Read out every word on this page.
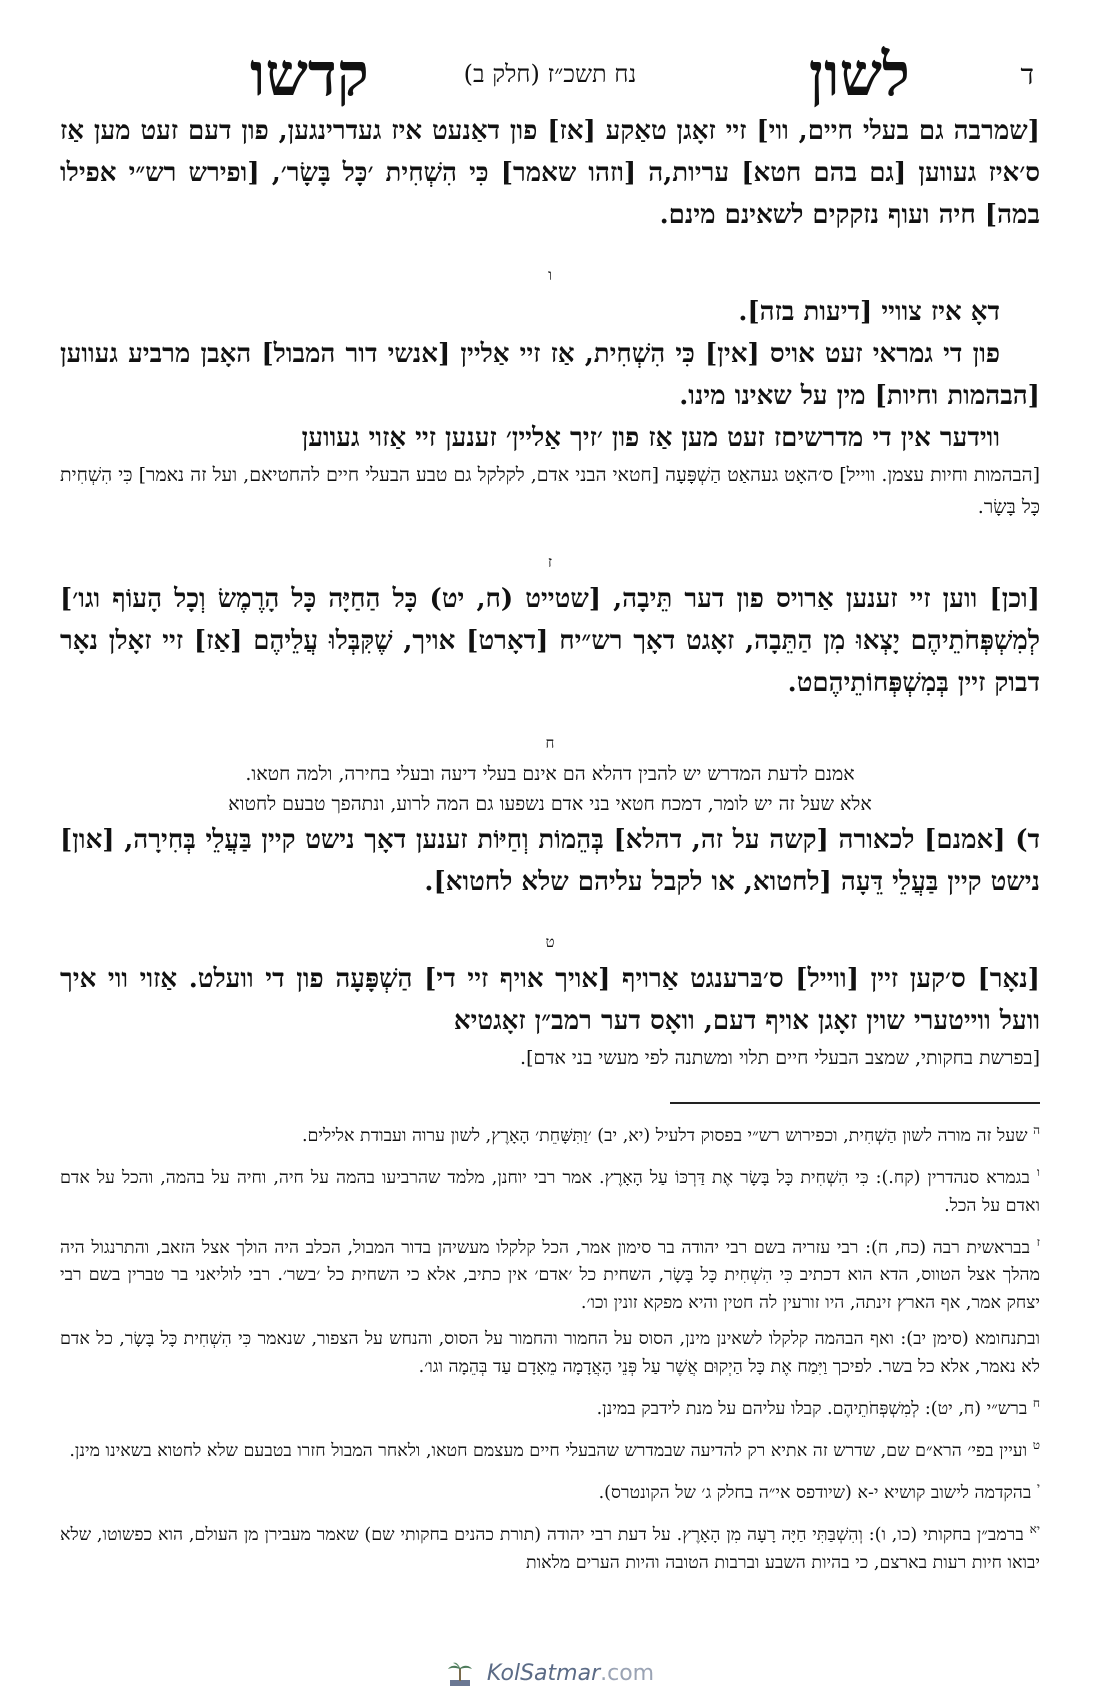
ד
לשון
נח תשכ״ז (חלק ב)
קדשו

[שמרבה גם בעלי חיים, ווי] זיי זאָגן טאַקע [אז] פון דאַנעט איז געדרינגען, פון דעם זעט מען אַז ס׳איז געווען [גם בהם חטא] עריות,ה [וזהו שאמר] כִּי הִשְׁחִית ׳כָּל בָּשָׂר׳, [ופירש רש״י אפילו במה] חיה ועוף נזקקים לשאינם מינם.

ו

דאָ איז צוויי [דיעות בזה].

פון די גמראי זעט אויס [אין] כִּי הִשְׁחִית, אַז זיי אַליין [אנשי דור המבול] האָבן מרביע געווען [הבהמות וחיות] מין על שאינו מינו.

ווידער אין די מדרשיםז זעט מען אַז פון ׳זיך אַליין׳ זענען זיי אַזוי געווען

[הבהמות וחיות עצמן. ווייל] ס׳האָט געהאַט הַשְׁפָּעָה [חטאי הבני אדם, לקלקל גם טבע הבעלי חיים להחטיאם, ועל זה נאמר] כִּי הִשְׁחִית כָּל בָּשָׂר.

ז

[וכן] ווען זיי זענען אַרויס פון דער תֵּיבָה, [שטייט (ח, יט) כָּל הַחַיָּה כָּל הָרֶמֶשׂ וְכָל הָעוֹף וגו׳] לְמִשְׁפְּחֹתֵיהֶם יָצְאוּ מִן הַתֵּבָה, זאָגט דאָך רש״יח [דאָרט] אויך, שֶׁקִּבְּלוּ עֲלֵיהֶם [אַז] זיי זאָלן נאָר דבוק זיין בְּמִשְׁפְּחוֹתֵיהֶםט.

ח
אמנם לדעת המדרש יש להבין דהלא הם אינם בעלי דיעה ובעלי בחירה, ולמה חטאו.
אלא שעל זה יש לומר, דמכח חטאי בני אדם נשפעו גם המה לרוע, ונתהפך טבעם לחטוא

ד) [אמנם] לכאורה [קשה על זה, דהלא] בְּהֵמוֹת וְחַיּוֹת זענען דאָך נישט קיין בַּעֲלֵי בְּחִירָה, [און] נישט קיין בַּעֲלֵי דֵּעָה [לחטוא, או לקבל עליהם שלא לחטוא].

ט

[נאָר] ס׳קען זיין [ווייל] ס׳בּרענגט אַרויף [אויך אויף זיי די] הַשְׁפָּעָה פון די וועלט. אַזוי ווי איך וועל ווייטערי שוין זאָגן אויף דעם, וואָס דער רמב״ן זאָגטיא

[בפרשת בחקותי, שמצב הבעלי חיים תלוי ומשתנה לפי מעשי בני אדם].

$^ה$ שעל זה מורה לשון הַשְׁחִית, וכפירוש רש״י בפסוק דלעיל (יא, יב) ׳וַתִּשָּׁחֵת׳ הָאָרֶץ, לשון ערוה ועבודת אלילים.

$^ו$ בגמרא סנהדרין (קח.): כִּי הִשְׁחִית כָּל בָּשָׂר אֶת דַּרְכּוֹ עַל הָאָרֶץ. אמר רבי יוחנן, מלמד שהרביעו בהמה על חיה, וחיה על בהמה, והכל על אדם ואדם על הכל.

$^ז$ בבראשית רבה (כח, ח): רבי עזריה בשם רבי יהודה בר סימון אמר, הכל קלקלו מעשיהן בדור המבול, הכלב היה הולך אצל הזאב, והתרנגול היה מהלך אצל הטווס, הדא הוא דכתיב כִּי הִשְׁחִית כָּל בָּשָׂר, השחית כל ׳אדם׳ אין כתיב, אלא כי השחית כל ׳בשר׳. רבי לוליאני בר טברין בשם רבי יצחק אמר, אף הארץ זינתה, היו זורעין לה חטין והיא מפקא זונין וכו׳.

ובתנחומא (סימן יב): ואף הבהמה קלקלו לשאינן מינן, הסוס על החמור והחמור על הסוס, והנחש על הצפור, שנאמר כִּי הִשְׁחִית כָּל בָּשָׂר, כל אדם לא נאמר, אלא כל בשר. לפיכך וַיִּמַח אֶת כָּל הַיְקוּם אֲשֶׁר עַל פְּנֵי הָאֲדָמָה מֵאָדָם עַד בְּהֵמָה וגו׳.

$^ח$ ברש״י (ח, יט): לְמִשְׁפְּחֹתֵיהֶם. קבלו עליהם על מנת לידבק במינן.

$^ט$ ועיין בפי׳ הרא״ם שם, שדרש זה אתיא רק להדיעה שבמדרש שהבעלי חיים מעצמם חטאו, ולאחר המבול חזרו בטבעם שלא לחטוא בשאינו מינן.

$^י$ בהקדמה לישוב קושיא י-א (שיודפס אי״ה בחלק ג׳ של הקונטרס).

$^{יא}$ ברמב״ן בחקותי (כו, ו): וְהִשְׁבַּתִּי חַיָּה רָעָה מִן הָאָרֶץ. על דעת רבי יהודה (תורת כהנים בחקותי שם) שאמר מעבירן מן העולם, הוא כפשוטו, שלא יבואו חיות רעות בארצם, כי בהיות השבע וברבות הטובה והיות הערים מלאות

KolSatmar.com
